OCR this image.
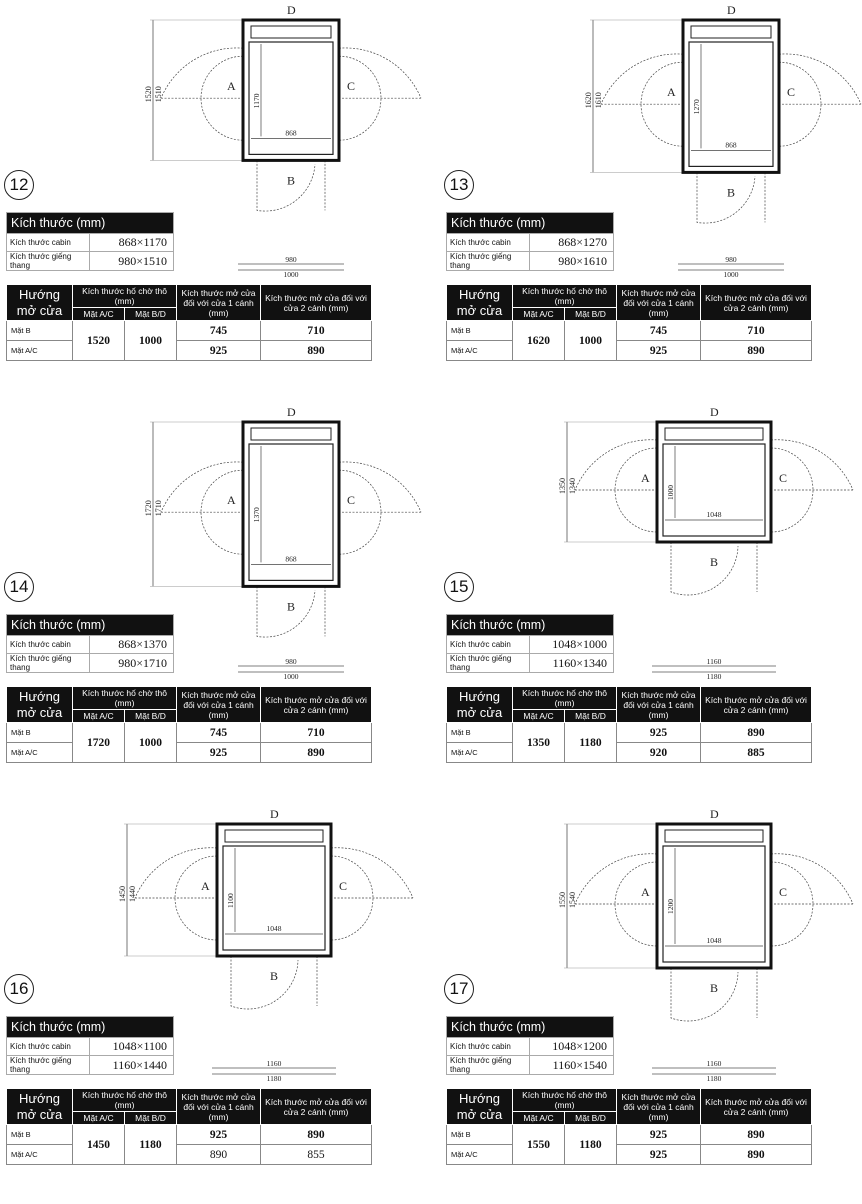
1520 1510
868
1170
A	C
B
D
980
1000
12
Kích thước (mm)	
Kích thước cabin	868×1170
Kích thước giếng thang	980×1510
Hướng mở cửa	Kích thước hố chờ thô (mm)		Kích thước mở cửa đối với cửa 1 cánh (mm)	Kích thước mở cửa đối với cửa 2 cánh (mm)
	Mặt A/C	Mặt B/D		
Mặt B	1520	1000	745	710
Mặt A/C			925	890
1620 1610
868
1270
A	C
B
D
980
1000
13
Kích thước (mm)	
Kích thước cabin	868×1270
Kích thước giếng thang	980×1610
Hướng mở cửa	Kích thước hố chờ thô (mm)		Kích thước mở cửa đối với cửa 1 cánh (mm)	Kích thước mở cửa đối với cửa 2 cánh (mm)
	Mặt A/C	Mặt B/D		
Mặt B	1620	1000	745	710
Mặt A/C			925	890
1720 1710
868
1370
A	C
B
D
980
1000
14
Kích thước (mm)	
Kích thước cabin	868×1370
Kích thước giếng thang	980×1710
Hướng mở cửa	Kích thước hố chờ thô (mm)		Kích thước mở cửa đối với cửa 1 cánh (mm)	Kích thước mở cửa đối với cửa 2 cánh (mm)
	Mặt A/C	Mặt B/D		
Mặt B	1720	1000	745	710
Mặt A/C			925	890
1350 1340
1048
1000
A	C
B
D
1160
1180
15
Kích thước (mm)	
Kích thước cabin	1048×1000
Kích thước giếng thang	1160×1340
Hướng mở cửa	Kích thước hố chờ thô (mm)		Kích thước mở cửa đối với cửa 1 cánh (mm)	Kích thước mở cửa đối với cửa 2 cánh (mm)
	Mặt A/C	Mặt B/D		
Mặt B	1350	1180	925	890
Mặt A/C			920	885
1450 1440
1048
1100
A	C
B
D
1160
1180
16
Kích thước (mm)	
Kích thước cabin	1048×1100
Kích thước giếng thang	1160×1440
Hướng mở cửa	Kích thước hố chờ thô (mm)		Kích thước mở cửa đối với cửa 1 cánh (mm)	Kích thước mở cửa đối với cửa 2 cánh (mm)
	Mặt A/C	Mặt B/D		
Mặt B	1450	1180	925	890
Mặt A/C			890	855
1550 1540
1048
1200
A	C
B
D
1160
1180
17
Kích thước (mm)	
Kích thước cabin	1048×1200
Kích thước giếng thang	1160×1540
Hướng mở cửa	Kích thước hố chờ thô (mm)		Kích thước mở cửa đối với cửa 1 cánh (mm)	Kích thước mở cửa đối với cửa 2 cánh (mm)
	Mặt A/C	Mặt B/D		
Mặt B	1550	1180	925	890
Mặt A/C			925	890
